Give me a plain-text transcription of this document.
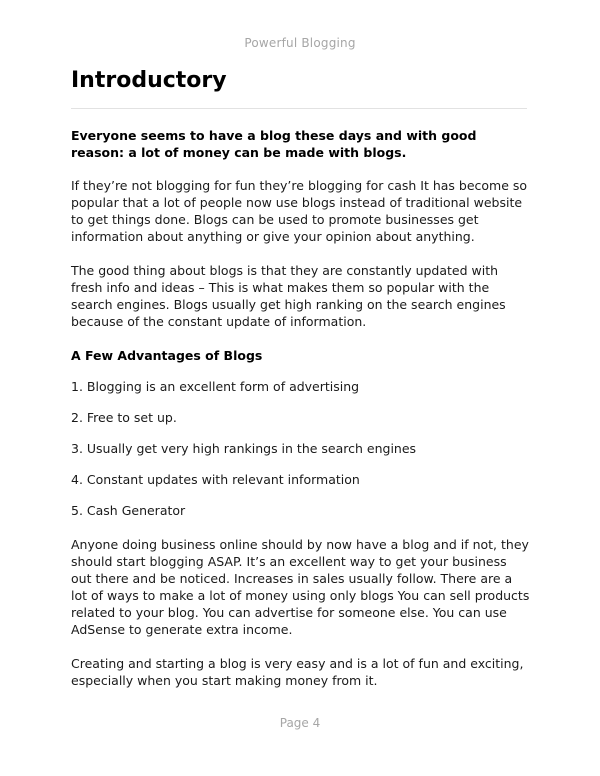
Powerful Blogging
Introductory

Everyone seems to have a blog these days and with good reason: a lot of money can be made with blogs.

If they’re not blogging for fun they’re blogging for cash It has become so popular that a lot of people now use blogs instead of traditional website to get things done. Blogs can be used to promote businesses get information about anything or give your opinion about anything.

The good thing about blogs is that they are constantly updated with fresh info and ideas – This is what makes them so popular with the search engines. Blogs usually get high ranking on the search engines because of the constant update of information.

A Few Advantages of Blogs

1. Blogging is an excellent form of advertising

2. Free to set up.

3. Usually get very high rankings in the search engines

4. Constant updates with relevant information

5. Cash Generator

Anyone doing business online should by now have a blog and if not, they should start blogging ASAP. It’s an excellent way to get your business out there and be noticed. Increases in sales usually follow. There are a lot of ways to make a lot of money using only blogs You can sell products related to your blog. You can advertise for someone else. You can use AdSense to generate extra income.

Creating and starting a blog is very easy and is a lot of fun and exciting, especially when you start making money from it.

Page 4
